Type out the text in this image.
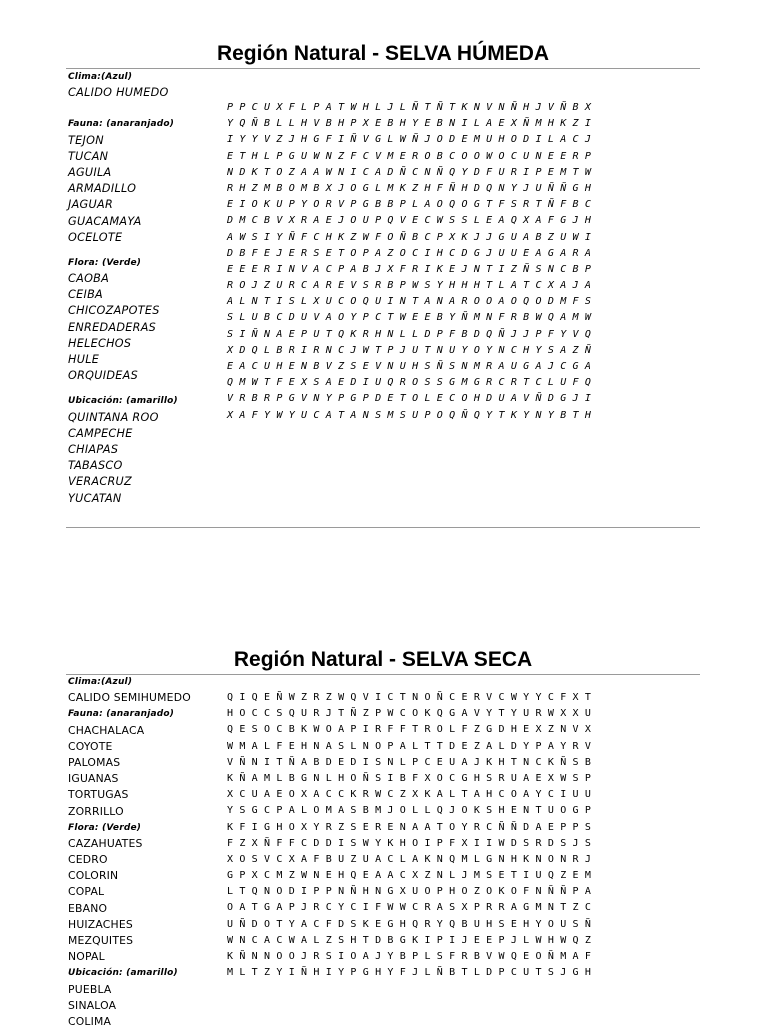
Región Natural - SELVA HÚMEDA
Clima:(Azul)
CALIDO HUMEDO
Fauna: (anaranjado)
TEJON
TUCAN
AGUILA
ARMADILLO
JAGUAR
GUACAMAYA
OCELOTE
Flora: (Verde)
CAOBA
CEIBA
CHICOZAPOTES
ENREDADERAS
HELECHOS
HULE
ORQUIDEAS
Ubicación: (amarillo)
QUINTANA ROO
CAMPECHE
CHIAPAS
TABASCO
VERACRUZ
YUCATAN
P P C U X F L P A T W H L J L Ñ T Ñ T K N V N Ñ H J V Ñ B X
Y Q Ñ B L L H V B H P X E B H Y E B N I L A E X Ñ M H K Z I
I Y Y V Z J H G F I Ñ V G L W Ñ J O D E M U H O D I L A C J
E T H L P G U W N Z F C V M E R O B C O O W O C U N E E R P
N D K T O Z A A W N I C A D Ñ C N Ñ Q Y D F U R I P E M T W
R H Z M B O M B X J O G L M K Z H F Ñ H D Q N Y J U Ñ Ñ G H
E I O K U P Y O R V P G B B P L A O Q O G T F S R T Ñ F B C
D M C B V X R A E J O U P Q V E C W S S L E A Q X A F G J H
A W S I Y Ñ F C H K Z W F O Ñ B C P X K J J G U A B Z U W I
D B F E J E R S E T O P A Z O C I H C D G J U U E A G A R A
E E E R I N V A C P A B J X F R I K E J N T I Z Ñ S N C B P
R O J Z U R C A R E V S R B P W S Y H H H T L A T C X A J A
A L N T I S L X U C O Q U I N T A N A R O O A O Q O D M F S
S L U B C D U V A O Y P C T W E E B Y Ñ M N F R B W Q A M W
S I Ñ N A E P U T Q K R H N L L D P F B D Q Ñ J J P F Y V Q
X D Q L B R I R N C J W T P J U T N U Y O Y N C H Y S A Z Ñ
E A C U H E N B V Z S E V N U H S Ñ S N M R A U G A J C G A
Q M W T F E X S A E D I U Q R O S S G M G R C R T C L U F Q
V R B R P G V N Y P G P D E T O L E C O H D U A V Ñ D G J I
X A F Y W Y U C A T A N S M S U P O Q Ñ Q Y T K Y N Y B T H
Región Natural - SELVA SECA
Clima:(Azul)
CALIDO SEMIHUMEDO
Fauna: (anaranjado)
CHACHALACA
COYOTE
PALOMAS
IGUANAS
TORTUGAS
ZORRILLO
Flora: (Verde)
CAZAHUATES
CEDRO
COLORIN
COPAL
EBANO
HUIZACHES
MEZQUITES
NOPAL
Ubicación: (amarillo)
PUEBLA
SINALOA
COLIMA
Q I Q E Ñ W Z R Z W Q V I C T N O Ñ C E R V C W Y Y C F X T
H O C C S Q U R J T Ñ Z P W C O K Q G A V Y T Y U R W X X U
Q E S O C B K W O A P I R F F T R O L F Z G D H E X Z N V X
W M A L F E H N A S L N O P A L T T D E Z A L D Y P A Y R V
V Ñ N I T Ñ A B D E D I S N L P C E U A J K H T N C K Ñ S B
K Ñ A M L B G N L H O Ñ S I B F X O C G H S R U A E X W S P
X C U A E O X A C C K R W C Z X K A L T A H C O A Y C I U U
Y S G C P A L O M A S B M J O L L Q J O K S H E N T U O G P
K F I G H O X Y R Z S E R E N A A T O Y R C Ñ Ñ D A E P P S
F Z X Ñ F F C D D I S W Y K H O I P F X I I W D S R D S J S
X O S V C X A F B U Z U A C L A K N Q M L G N H K N O N R J
G P X C M Z W N E H Q E A A C X Z N L J M S E T I U Q Z E M
L T Q N O D I P P N Ñ H N G X U O P H O Z O K O F N Ñ Ñ P A
O A T G A P J R C Y C I F W W C R A S X P R R A G M N T Z C
U Ñ D O T Y A C F D S K E G H Q R Y Q B U H S E H Y O U S Ñ
W N C A C W A L Z S H T D B G K I P I J E E P J L W H W Q Z
K Ñ N N O O J R S I O A J Y B P L S F R B V W Q E O Ñ M A F
M L T Z Y I Ñ H I Y P G H Y F J L Ñ B T L D P C U T S J G H
